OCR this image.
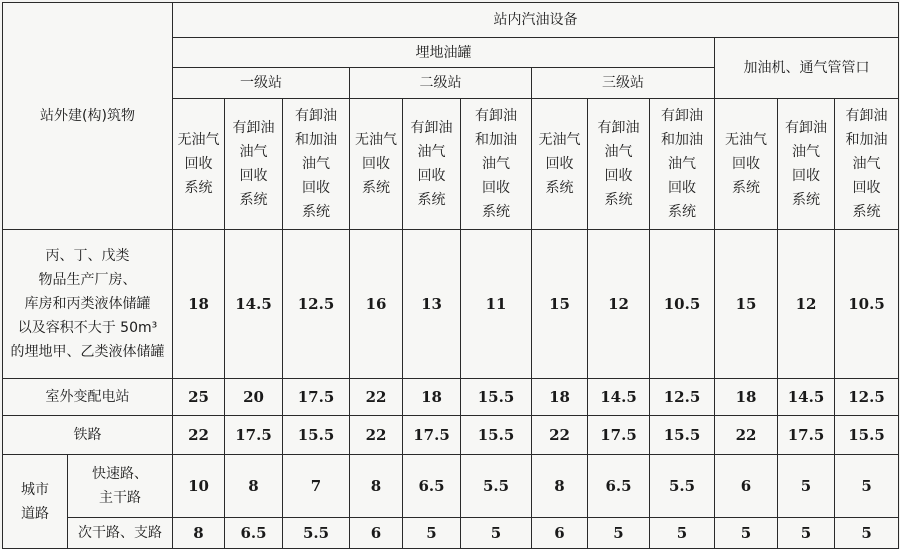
站外建(构)筑物		站内汽油设备											
		埋地油罐									加油机、通气管管口		
		一级站			二级站			三级站					

		无油气
回收
系统	有卸油
油气
回收
系统	有卸油
和加油
油气
回收
系统	无油气
回收
系统	有卸油
油气
回收
系统	有卸油
和加油
油气
回收
系统	无油气
回收
系统	有卸油
油气
回收
系统	有卸油
和加油
油气
回收
系统	无油气
回收
系统	有卸油
油气
回收
系统	有卸油
和加油
油气
回收
系统

丙、丁、戊类
物品生产厂房、
库房和丙类液体储罐
以及容积不大于 50m³
的埋地甲、乙类液体储罐		18	14.5	12.5	16	13	11	15	12	10.5	15	12	10.5

室外变配电站		25	20	17.5	22	18	15.5	18	14.5	12.5	18	14.5	12.5

铁路		22	17.5	15.5	22	17.5	15.5	22	17.5	15.5	22	17.5	15.5

城市
道路	快速路、
主干路	10	8	7	8	6.5	5.5	8	6.5	5.5	6	5	5

	次干路、支路	8	6.5	5.5	6	5	5	6	5	5	5	5	5
